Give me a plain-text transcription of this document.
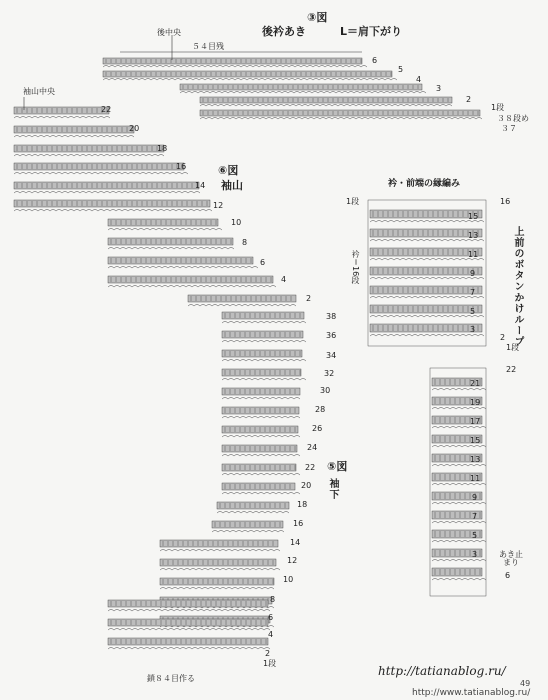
③図
後衿あき	L＝肩下がり
後中央
５４目残
6
5
4
3
2
1段
３８段め
３７
袖山中央
⑥図
袖山
22
20
18
16
14
12
10
8
6
4
2
⑤図
袖下
38
36
34
32
30
28
26
24
22
20
18
16
14
12
10
8
6
4
2
1段
鎖８４目作る
衿・前端の縁編み
1段
衿＝16段
16
2
1段
15
13
11
9
7
5
3	上前のボタンかけループ
22
6
21
19
17
15
13
11
9
7
5
3	あき止まり
http://tatianablog.ru/
49
http://www.tatianablog.ru/
